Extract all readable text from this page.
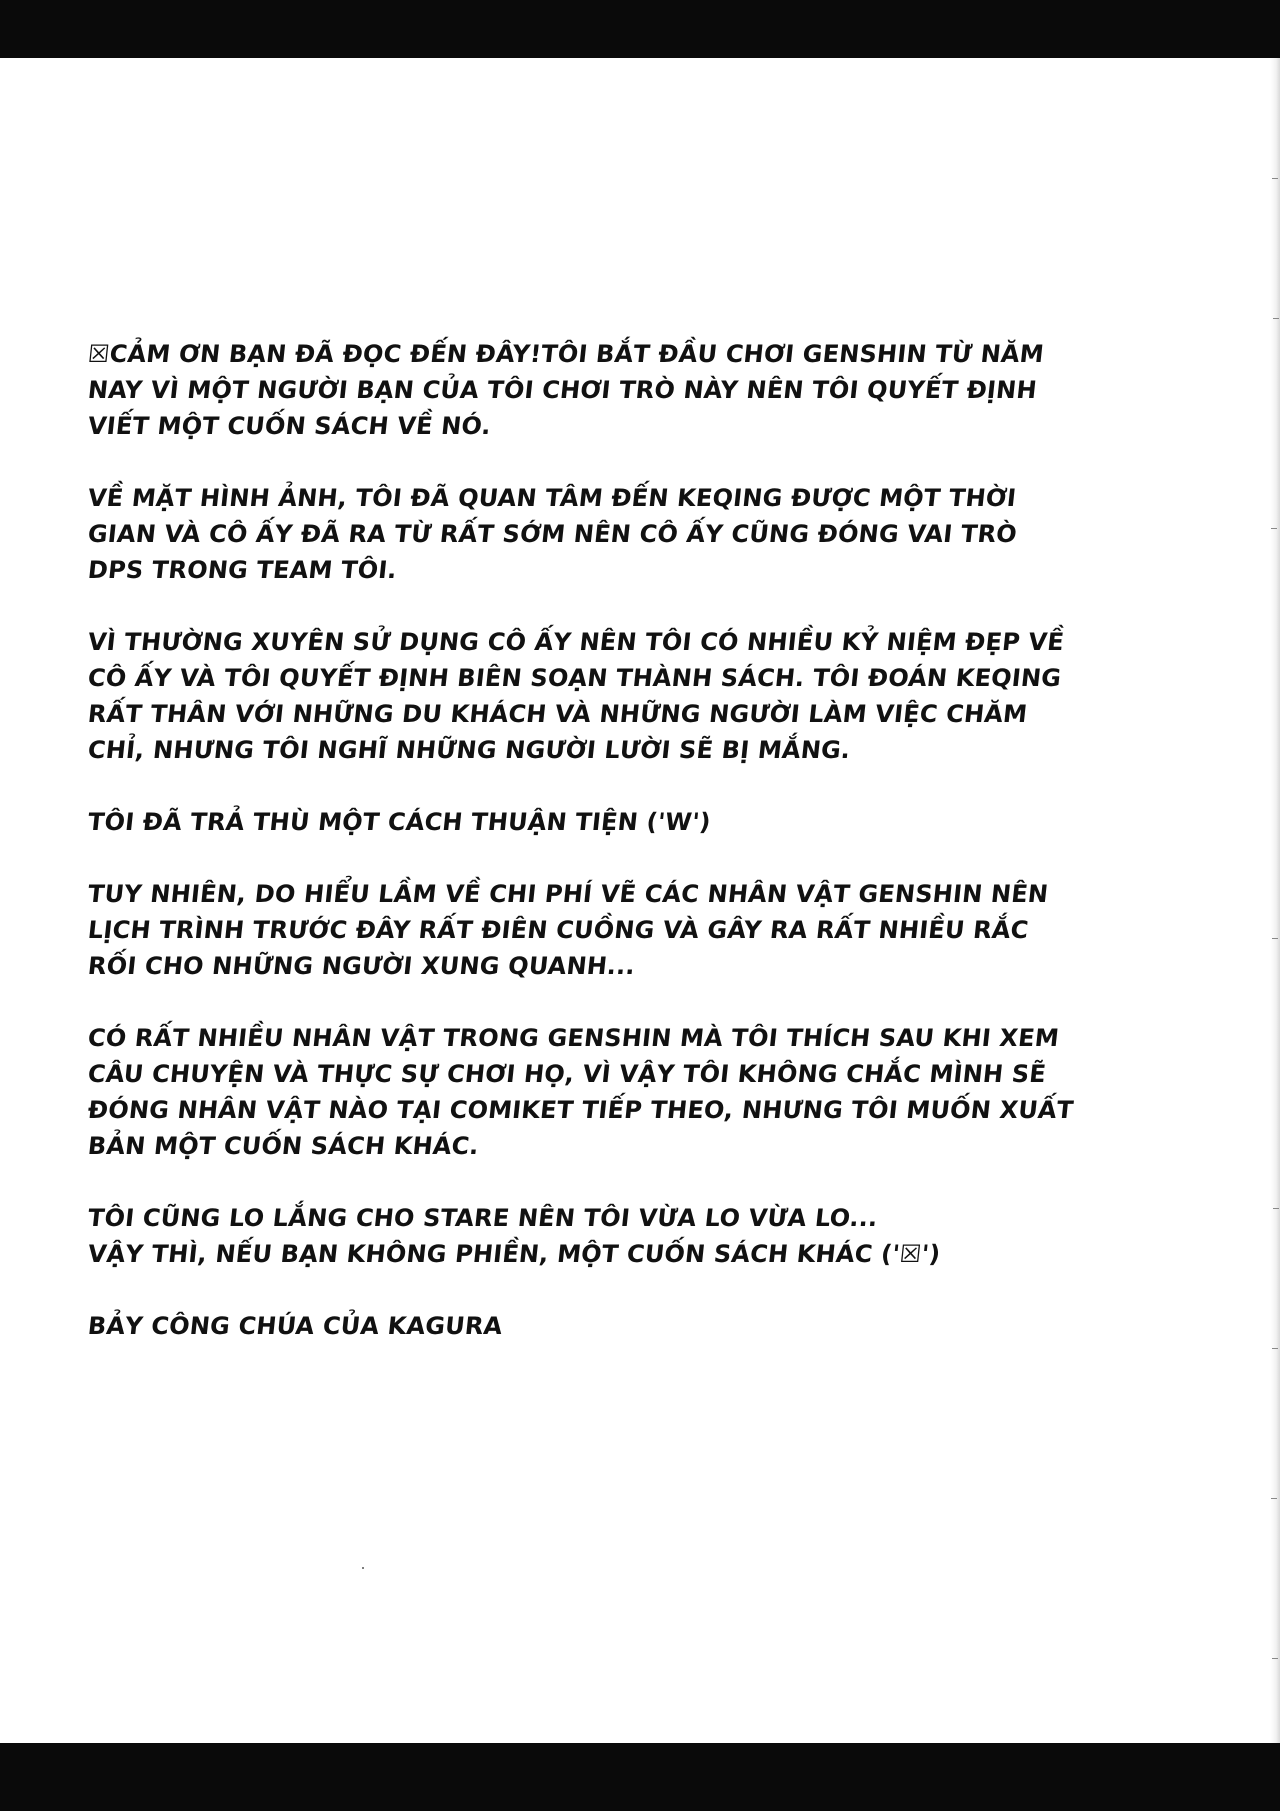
☒CẢM ƠN BẠN ĐÃ ĐỌC ĐẾN ĐÂY!TÔI BẮT ĐẦU CHƠI GENSHIN TỪ NĂM
NAY VÌ MỘT NGƯỜI BẠN CỦA TÔI CHƠI TRÒ NÀY NÊN TÔI QUYẾT ĐỊNH
VIẾT MỘT CUỐN SÁCH VỀ NÓ.

VỀ MẶT HÌNH ẢNH, TÔI ĐÃ QUAN TÂM ĐẾN KEQING ĐƯỢC MỘT THỜI
GIAN VÀ CÔ ẤY ĐÃ RA TỪ RẤT SỚM NÊN CÔ ẤY CŨNG ĐÓNG VAI TRÒ
DPS TRONG TEAM TÔI.

VÌ THƯỜNG XUYÊN SỬ DỤNG CÔ ẤY NÊN TÔI CÓ NHIỀU KỶ NIỆM ĐẸP VỀ
CÔ ẤY VÀ TÔI QUYẾT ĐỊNH BIÊN SOẠN THÀNH SÁCH. TÔI ĐOÁN KEQING
RẤT THÂN VỚI NHỮNG DU KHÁCH VÀ NHỮNG NGƯỜI LÀM VIỆC CHĂM
CHỈ, NHƯNG TÔI NGHĨ NHỮNG NGƯỜI LƯỜI SẼ BỊ MẮNG.

TÔI ĐÃ TRẢ THÙ MỘT CÁCH THUẬN TIỆN ('W')

TUY NHIÊN, DO HIỂU LẦM VỀ CHI PHÍ VẼ CÁC NHÂN VẬT GENSHIN NÊN
LỊCH TRÌNH TRƯỚC ĐÂY RẤT ĐIÊN CUỒNG VÀ GÂY RA RẤT NHIỀU RẮC
RỐI CHO NHỮNG NGƯỜI XUNG QUANH...

CÓ RẤT NHIỀU NHÂN VẬT TRONG GENSHIN MÀ TÔI THÍCH SAU KHI XEM
CÂU CHUYỆN VÀ THỰC SỰ CHƠI HỌ, VÌ VẬY TÔI KHÔNG CHẮC MÌNH SẼ
ĐÓNG NHÂN VẬT NÀO TẠI COMIKET TIẾP THEO, NHƯNG TÔI MUỐN XUẤT
BẢN MỘT CUỐN SÁCH KHÁC.

TÔI CŨNG LO LẮNG CHO STARE NÊN TÔI VỪA LO VỪA LO...
VẬY THÌ, NẾU BẠN KHÔNG PHIỀN, MỘT CUỐN SÁCH KHÁC ('☒')

BẢY CÔNG CHÚA CỦA KAGURA
